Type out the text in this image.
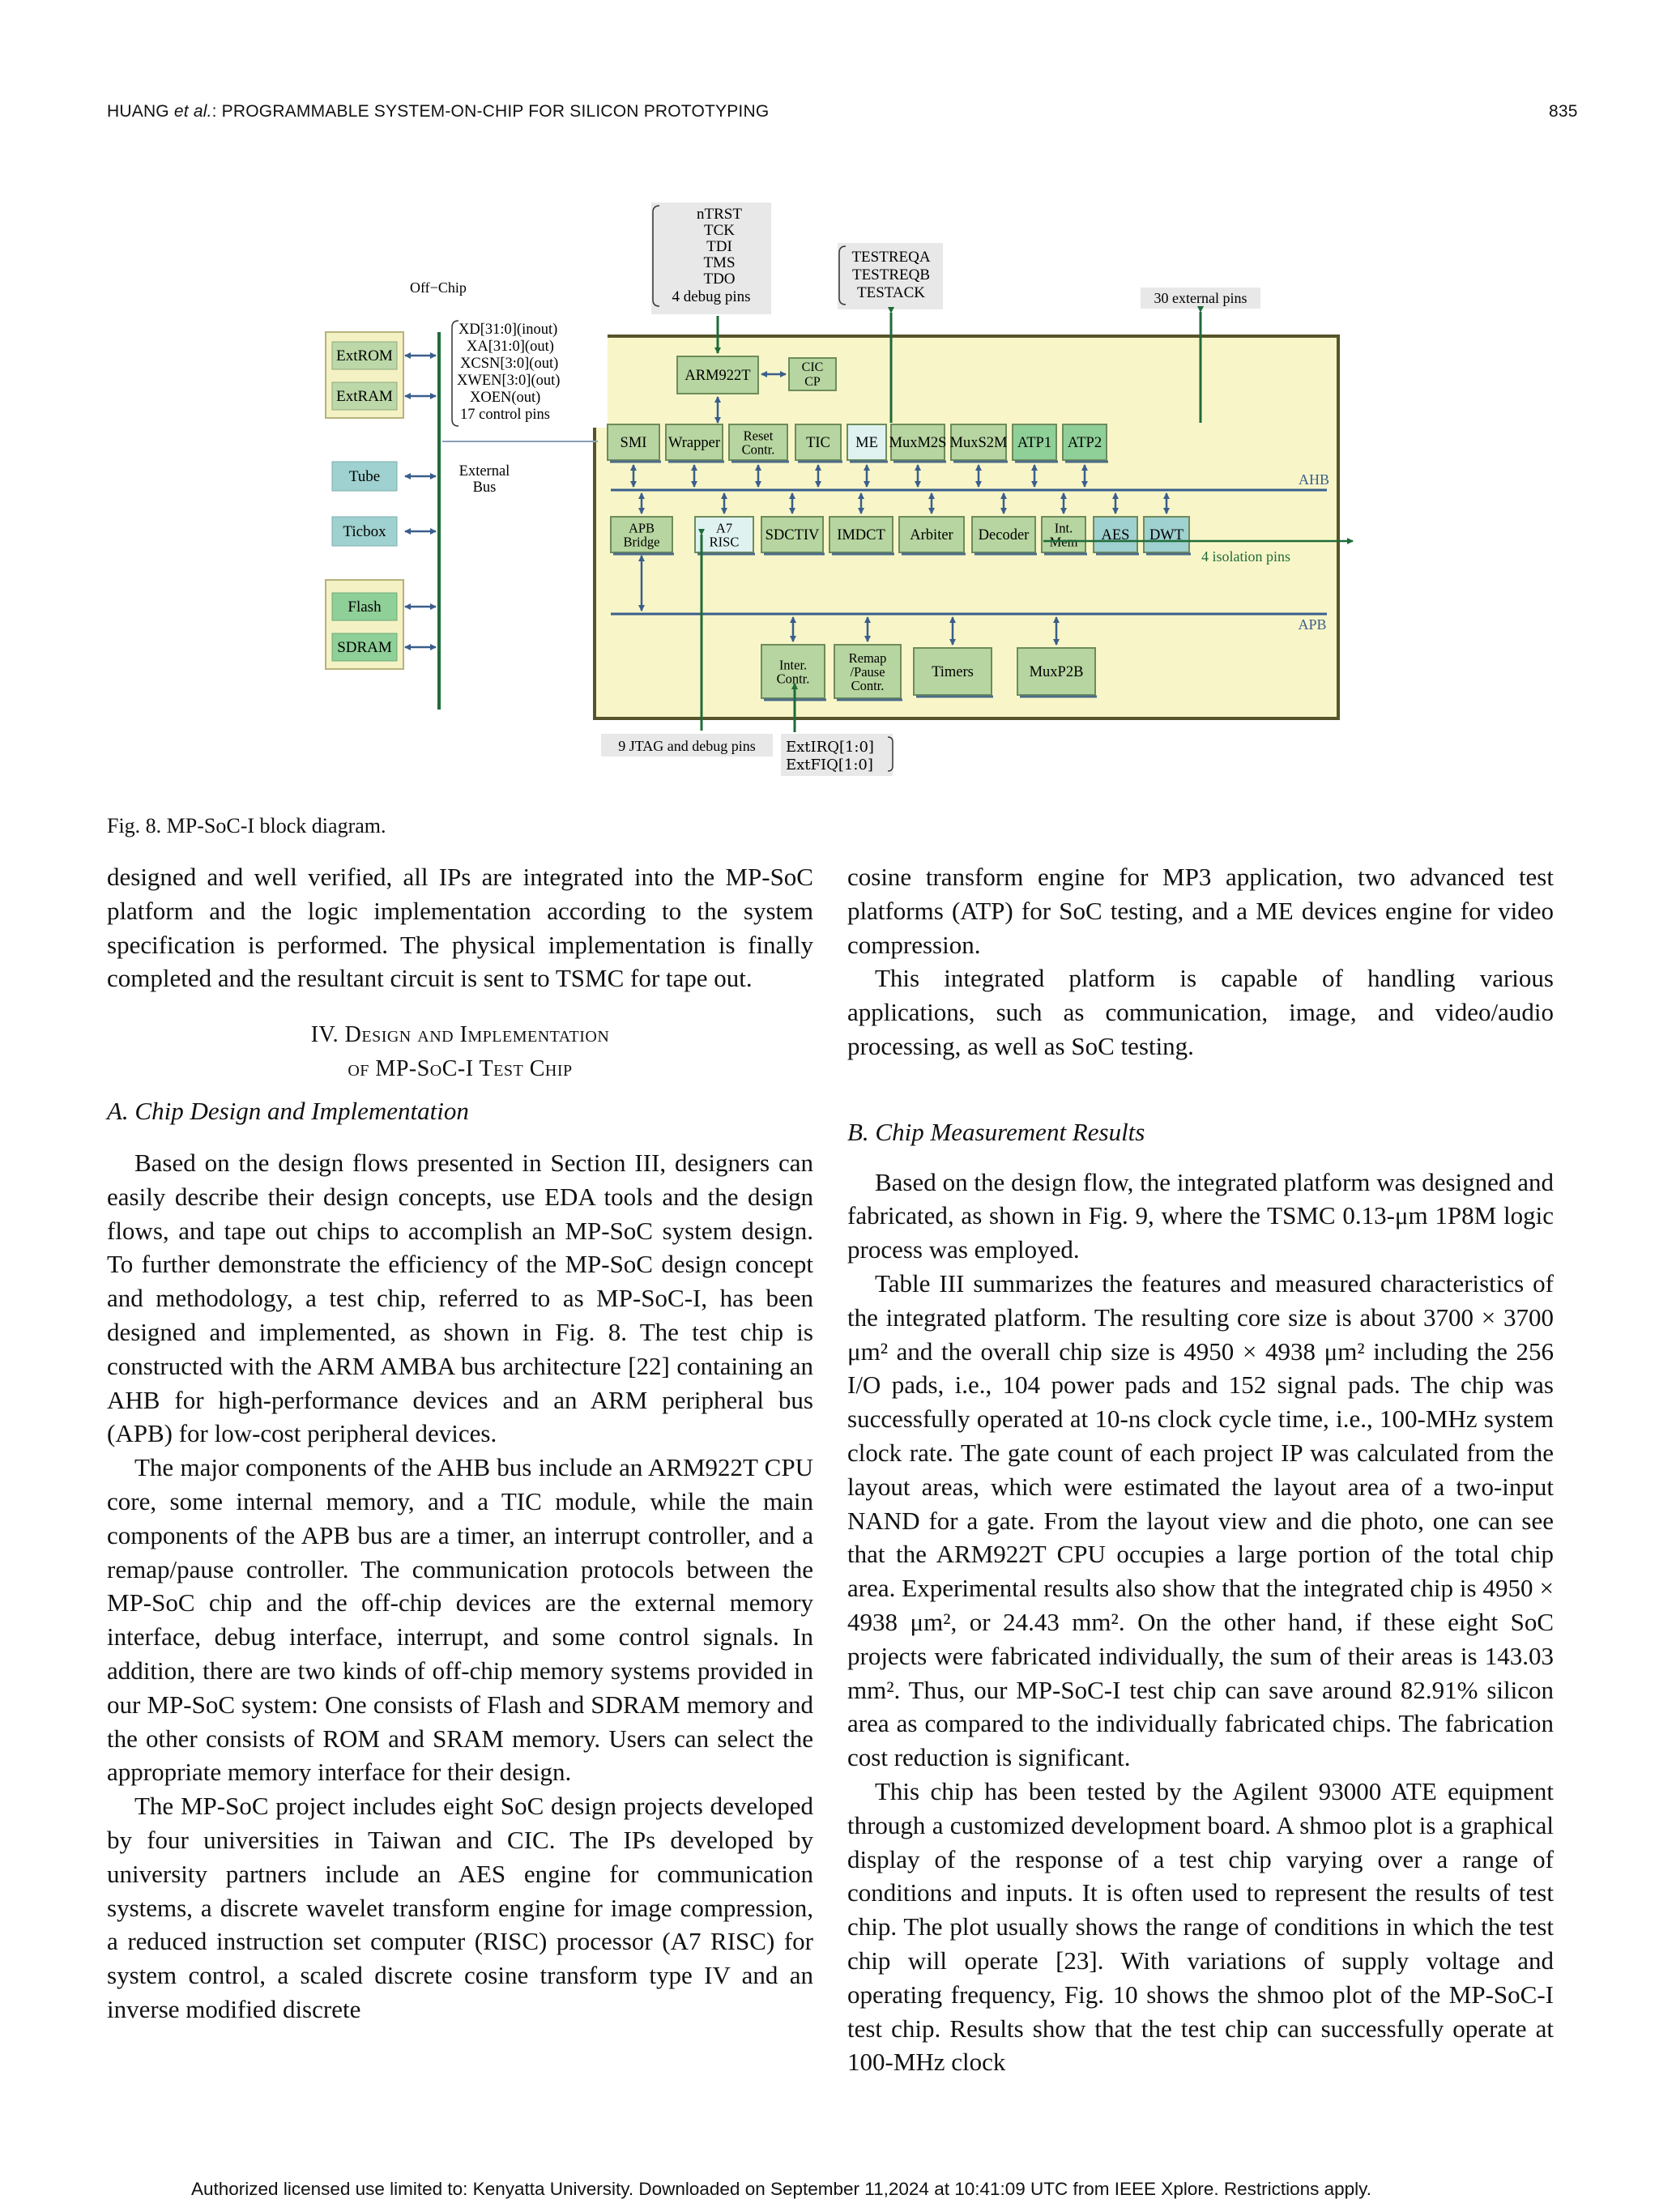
HUANG et al.: PROGRAMMABLE SYSTEM-ON-CHIP FOR SILICON PROTOTYPING	835
Off−Chip
nTRST
TCK
TDI
TMS
TDO
4 debug pins
TESTREQA
TESTREQB
TESTACK	30 external pins
XD[31:0](inout)
XA[31:0](out)
XCSN[3:0](out)
XWEN[3:0](out)
XOEN(out)
17 control pins
External
Bus
ExtROM
ExtRAM
Tube
Ticbox
Flash
SDRAM
AHB
APB
ARM922T
CIC
CP
SMI Wrapper Reset
Contr. TIC ME MuxM2S MuxS2M ATP1 ATP2
APB
Bridge
A7
RISC SDCTIV IMDCT Arbiter Decoder Int.
Mem AES DWT
Inter.
Contr.
Remap
/Pause
Contr.
Timers	MuxP2B
4 isolation pins
9 JTAG and debug pins ExtIRQ[1:0]
ExtFIQ[1:0]
Fig. 8. MP-SoC-I block diagram.

designed and well verified, all IPs are integrated into the MP-SoC platform and the logic implementation according to the system specification is performed. The physical implementation is finally completed and the resultant circuit is sent to TSMC for tape out.

IV. Design and Implementation

of MP-SoC-I Test Chip

A. Chip Design and Implementation

Based on the design flows presented in Section III, designers can easily describe their design concepts, use EDA tools and the design flows, and tape out chips to accomplish an MP-SoC system design. To further demonstrate the efficiency of the MP-SoC design concept and methodology, a test chip, referred to as MP-SoC-I, has been designed and implemented, as shown in Fig. 8. The test chip is constructed with the ARM AMBA bus architecture [22] containing an AHB for high-performance devices and an ARM peripheral bus (APB) for low-cost peripheral devices.

The major components of the AHB bus include an ARM922T CPU core, some internal memory, and a TIC module, while the main components of the APB bus are a timer, an interrupt controller, and a remap/pause controller. The communication protocols between the MP-SoC chip and the off-chip devices are the external memory interface, debug interface, interrupt, and some control signals. In addition, there are two kinds of off-chip memory systems provided in our MP-SoC system: One consists of Flash and SDRAM memory and the other consists of ROM and SRAM memory. Users can select the appropriate memory interface for their design.

The MP-SoC project includes eight SoC design projects developed by four universities in Taiwan and CIC. The IPs developed by university partners include an AES engine for communication systems, a discrete wavelet transform engine for image compression, a reduced instruction set computer (RISC) processor (A7 RISC) for system control, a scaled discrete cosine transform type IV and an inverse modified discrete

cosine transform engine for MP3 application, two advanced test platforms (ATP) for SoC testing, and a ME devices engine for video compression.

This integrated platform is capable of handling various applications, such as communication, image, and video/audio processing, as well as SoC testing.

B. Chip Measurement Results

Based on the design flow, the integrated platform was designed and fabricated, as shown in Fig. 9, where the TSMC 0.13-μm 1P8M logic process was employed.

Table III summarizes the features and measured characteristics of the integrated platform. The resulting core size is about 3700 × 3700 μm² and the overall chip size is 4950 × 4938 μm² including the 256 I/O pads, i.e., 104 power pads and 152 signal pads. The chip was successfully operated at 10-ns clock cycle time, i.e., 100-MHz system clock rate. The gate count of each project IP was calculated from the layout areas, which were estimated the layout area of a two-input NAND for a gate. From the layout view and die photo, one can see that the ARM922T CPU occupies a large portion of the total chip area. Experimental results also show that the integrated chip is 4950 × 4938 μm², or 24.43 mm². On the other hand, if these eight SoC projects were fabricated individually, the sum of their areas is 143.03 mm². Thus, our MP-SoC-I test chip can save around 82.91% silicon area as compared to the individually fabricated chips. The fabrication cost reduction is significant.

This chip has been tested by the Agilent 93000 ATE equipment through a customized development board. A shmoo plot is a graphical display of the response of a test chip varying over a range of conditions and inputs. It is often used to represent the results of test chip. The plot usually shows the range of conditions in which the test chip will operate [23]. With variations of supply voltage and operating frequency, Fig. 10 shows the shmoo plot of the MP-SoC-I test chip. Results show that the test chip can successfully operate at 100-MHz clock

Authorized licensed use limited to: Kenyatta University. Downloaded on September 11,2024 at 10:41:09 UTC from IEEE Xplore. Restrictions apply.
